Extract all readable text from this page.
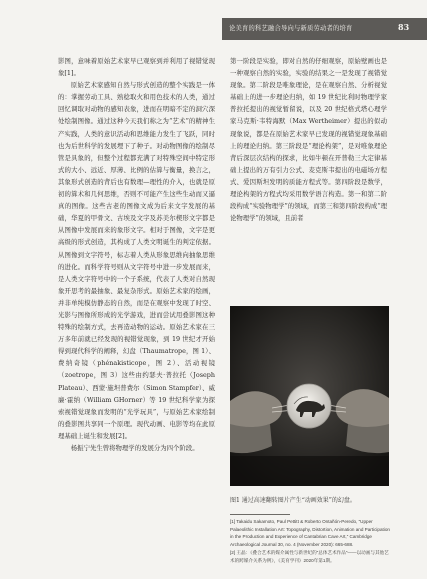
论美育的科艺融合导向与新质劳动者的培育	83

影图，意味着原始艺术家早已观察到并利用了视错觉现象[1]。

原始艺术家感知自然与形式创造的整个实践是一体的：掌握劳动工具、熟稔取火和用色技术的人类，通过回忆调取对动物的感知表象，进而在明暗不定的洞穴深处绘制图像。通过这种今天我们称之为“艺术”的精神生产实践，人类的意识活动和思维能力发生了飞跃，同时也为后世科学的发展埋下了种子。对动物图像的绘制尽管是具象的，但整个过程都充满了对特殊空间中特定形式的大小、远近、厚薄、比例的估算与衡量，换言之，其象形式创造的背后也有数理—理性的介入，也就是原初的算术和几何思维，否则不可能产生这些生动而又逼真的图像。这些古老的图像文成为后来文字发展的基础，华夏的甲骨文、古埃及文字及苏美尔楔形文字都是从图像中发展而来的象形文字。相对于图像，文字是更高级的形式创造，其构成了人类文明诞生的判定依据。从图像到文字符号，标志着人类从形象思维向抽象思维的进化。而科学符号则从文字符号中进一步发展而来，是人类文字符号中的一个子系统，代表了人类对自然现象开思考的最抽象、最复杂形式。原始艺术家的绘画，并非单纯模仿静态的自然，而是在观察中发现了时空、光影与图像所形成的光学游戏，进而尝试用叠影图这种特殊的绘制方式，去再造动物的运动。原始艺术家在三万多年前就已经发现的视错觉现象，到 19 世纪才开始得到现代科学的阐释，幻盘（Thaumatrope，图 1）、费纳奇镜（phénakisticope，图 2）、活动视镜（zoetrope，图 3）这些由约瑟夫·普拉托（Joseph Plateau）、西蒙·施坦普费尔（Simon Stampfer）、威廉·霍纳（William GHorner）等 19 世纪科学家为探索视错觉现象而发明的“光学玩具”，与原始艺术家绘制的叠影图共享同一个原理。现代动画、电影等均在此原理基础上诞生和发展[2]。

杨振宁先生曾将物理学的发展分为四个阶段。

第一阶段是实验，即对自然的仔细观察，原始壁画也是一种观察自然的实验，实验的结果之一是发现了视错觉现象。第二阶段是唯象理论，是在观察自然、分析视觉基础上的进一步理论归纳，如 19 世纪比利时物理学家普拉托提出的视觉暂留说，以及 20 世纪格式塔心理学家马克斯·韦特海默（Max Wertheimer）提出的似动现象说，都是在原始艺术家早已发现的视错觉现象基础上的理论归纳。第三阶段是“理论构架”，是对唯象理论背后深层次结构的探求，比如牛顿在开普勒三大定律基础上提出的万有引力公式、麦克斯韦提出的电磁场方程式、爱因斯坦发明的质能方程式等。第四阶段是数学，理论构架的方程式均采用数学语言构造。第一和第二阶段构成“实验物理学”的领域，而第三和第四阶段构成“理论物理学”的领域，且前者

图1 通过高速翻转图片产生“动画效果”的幻盘。

[1] Takaidu Sakamoto, Paul Pettitt & Roberto Ontañón-Peredo, “Upper Palaeolithic Installation Art: Topography, Distortion, Animation and Participation in the Production and Experience of Cantabrian Cave Art,” Cambridge Archaeological Journal 30, no. 4 (November 2020): 665-688.

[2] 王晶：《叠合艺术的媒介属性与新世纪的“总体艺术作品”——以动画与其他艺术的跨媒介关系为例》，《美育学刊》2020年第1期。
